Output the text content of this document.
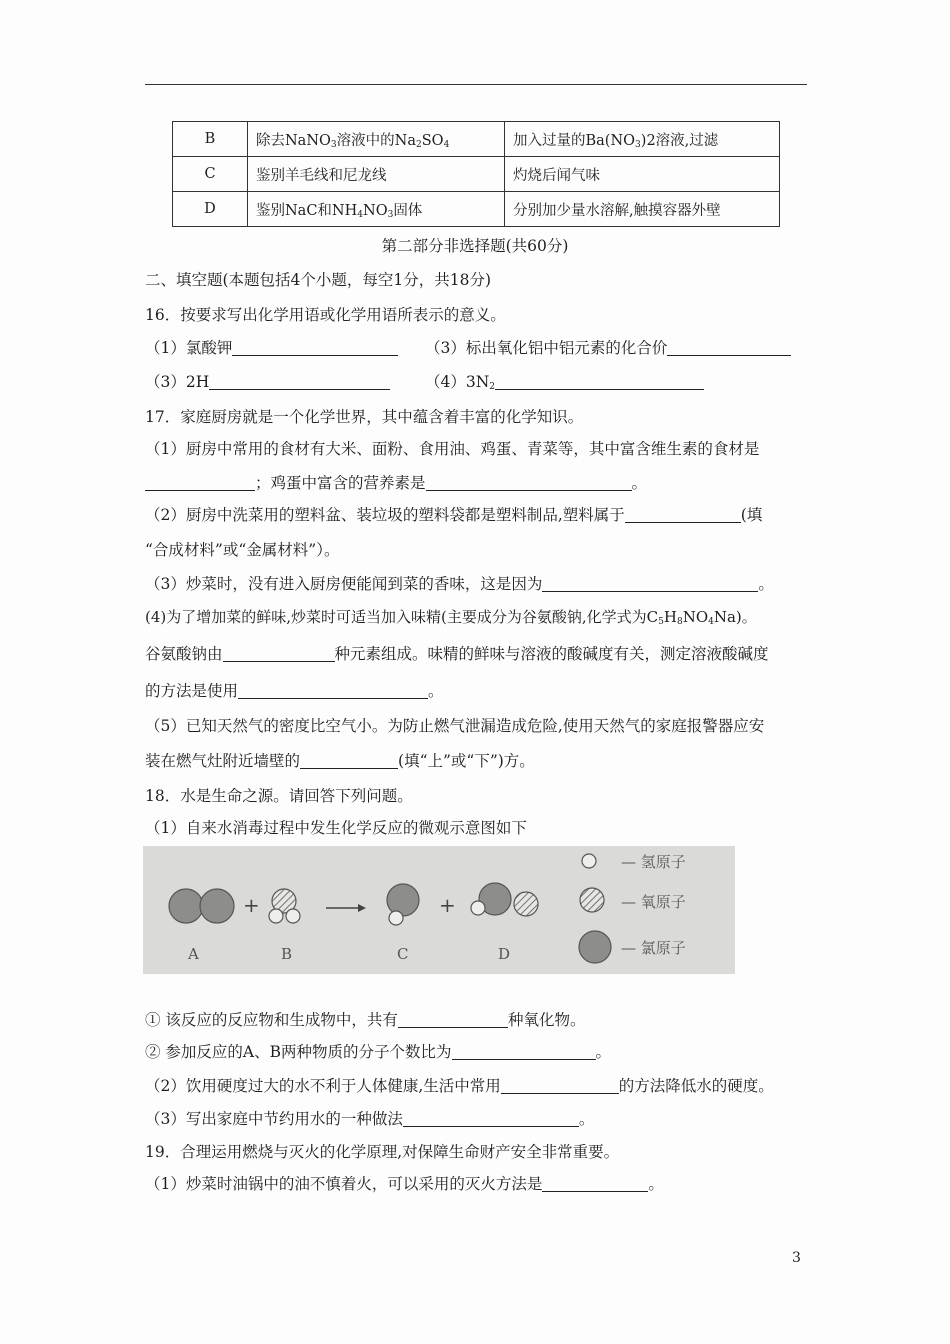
B	除去NaNO$_3$溶液中的$Na_2SO_4$	加入过量的$Ba(NO_3)2$溶液,过滤
C	鉴别羊毛线和尼龙线	灼烧后闻气味
D	鉴别NaC和$NH_4NO_3$固体	分别加少量水溶解,触摸容器外壁
第二部分非选择题(共60分)
二、填空题(本题包括4个小题，每空1分，共18分)
16．按要求写出化学用语或化学用语所表示的意义。
（1）氯酸钾	（3）标出氧化铝中铝元素的化合价
（3）2H	$(4)3N_2$
17．家庭厨房就是一个化学世界，其中蕴含着丰富的化学知识。
（1）厨房中常用的食材有大米、面粉、食用油、鸡蛋、青菜等，其中富含维生素的食材是
；鸡蛋中富含的营养素是	。
（2）厨房中洗菜用的塑料盆、装垃圾的塑料袋都是塑料制品,塑料属于	(填
“合成材料”或“金属材料”）。
（3）炒菜时，没有进入厨房便能闻到菜的香味，这是因为	。
(4)为了增加菜的鲜味,炒菜时可适当加入味精(主要成分为谷氨酸钠,化学式为$C_5H_8NO_4Na$)。
谷氨酸钠由	种元素组成。味精的鲜味与溶液的酸碱度有关，测定溶液酸碱度
的方法是使用	。
（5）已知天然气的密度比空气小。为防止燃气泄漏造成危险,使用天然气的家庭报警器应安
装在燃气灶附近墙壁的	(填“上”或“下”)方。
18．水是生命之源。请回答下列问题。
（1）自来水消毒过程中发生化学反应的微观示意图如下
+	+
A	B	C	D
— 氢原子
— 氧原子
— 氯原子
① 该反应的反应物和生成物中，共有	种氧化物。
② 参加反应的A、B两种物质的分子个数比为	。
（2）饮用硬度过大的水不利于人体健康,生活中常用	的方法降低水的硬度。
（3）写出家庭中节约用水的一种做法	。
19．合理运用燃烧与灭火的化学原理,对保障生命财产安全非常重要。
（1）炒菜时油锅中的油不慎着火，可以采用的灭火方法是	。
3
